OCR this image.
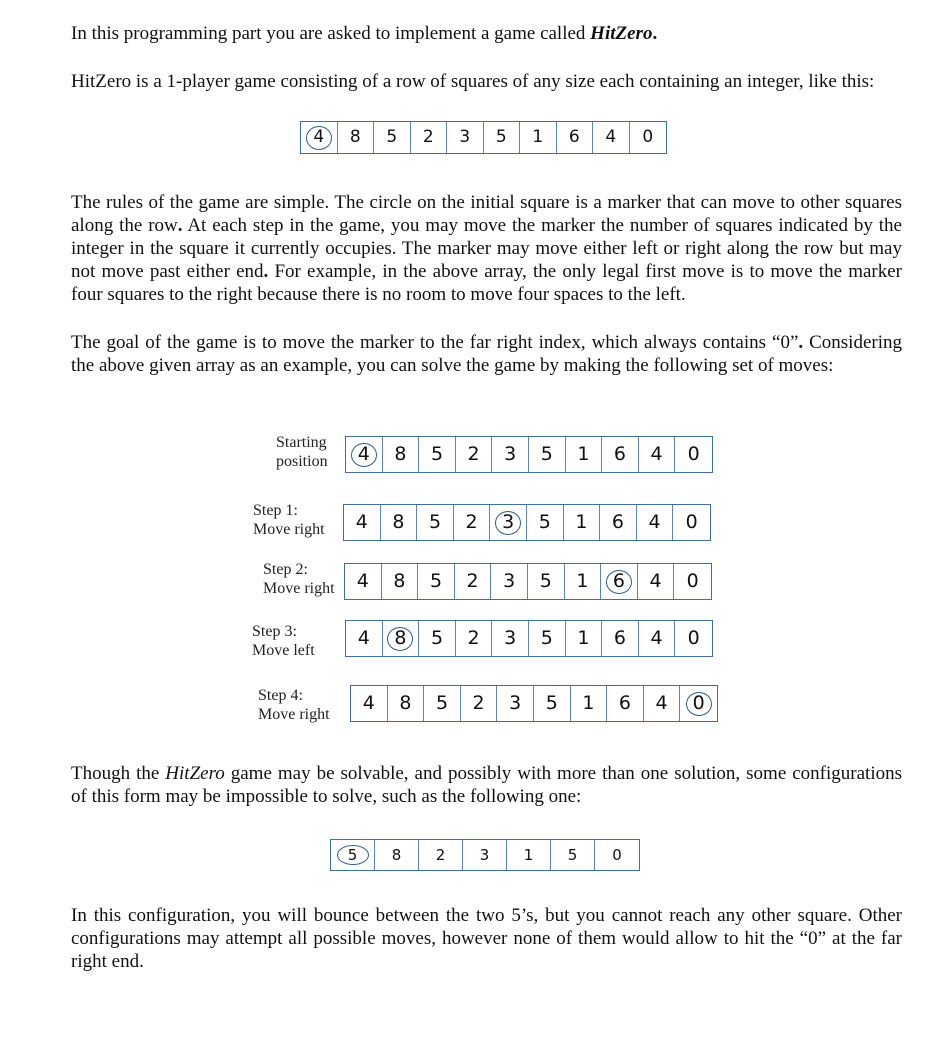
In this programming part you are asked to implement a game called HitZero.

HitZero is a 1-player game consisting of a row of squares of any size each containing an integer, like this:

4 8 5 2 3 5 1 6 4 0

The rules of the game are simple. The circle on the initial square is a marker that can move to other squares along the row. At each step in the game, you may move the marker the number of squares indicated by the integer in the square it currently occupies. The marker may move either left or right along the row but may not move past either end. For example, in the above array, the only legal first move is to move the marker four squares to the right because there is no room to move four spaces to the left.

The goal of the game is to move the marker to the far right index, which always contains “0”. Considering the above given array as an example, you can solve the game by making the following set of moves:

Starting
position 4 8 5 2 3 5 1 6 4 0
Step 1:
Move right 4 8 5 2 3 5 1 6 4 0
Step 2:
Move right 4 8 5 2 3 5 1 6 4 0
Step 3:
Move left
4 8 5 2 3 5 1 6 4 0
Step 4:
Move right
4 8 5 2 3 5 1 6 4 0

Though the HitZero game may be solvable, and possibly with more than one solution, some configurations of this form may be impossible to solve, such as the following one:

5 8 2 3 1 5 0

In this configuration, you will bounce between the two 5’s, but you cannot reach any other square. Other configurations may attempt all possible moves, however none of them would allow to hit the “0” at the far right end.
